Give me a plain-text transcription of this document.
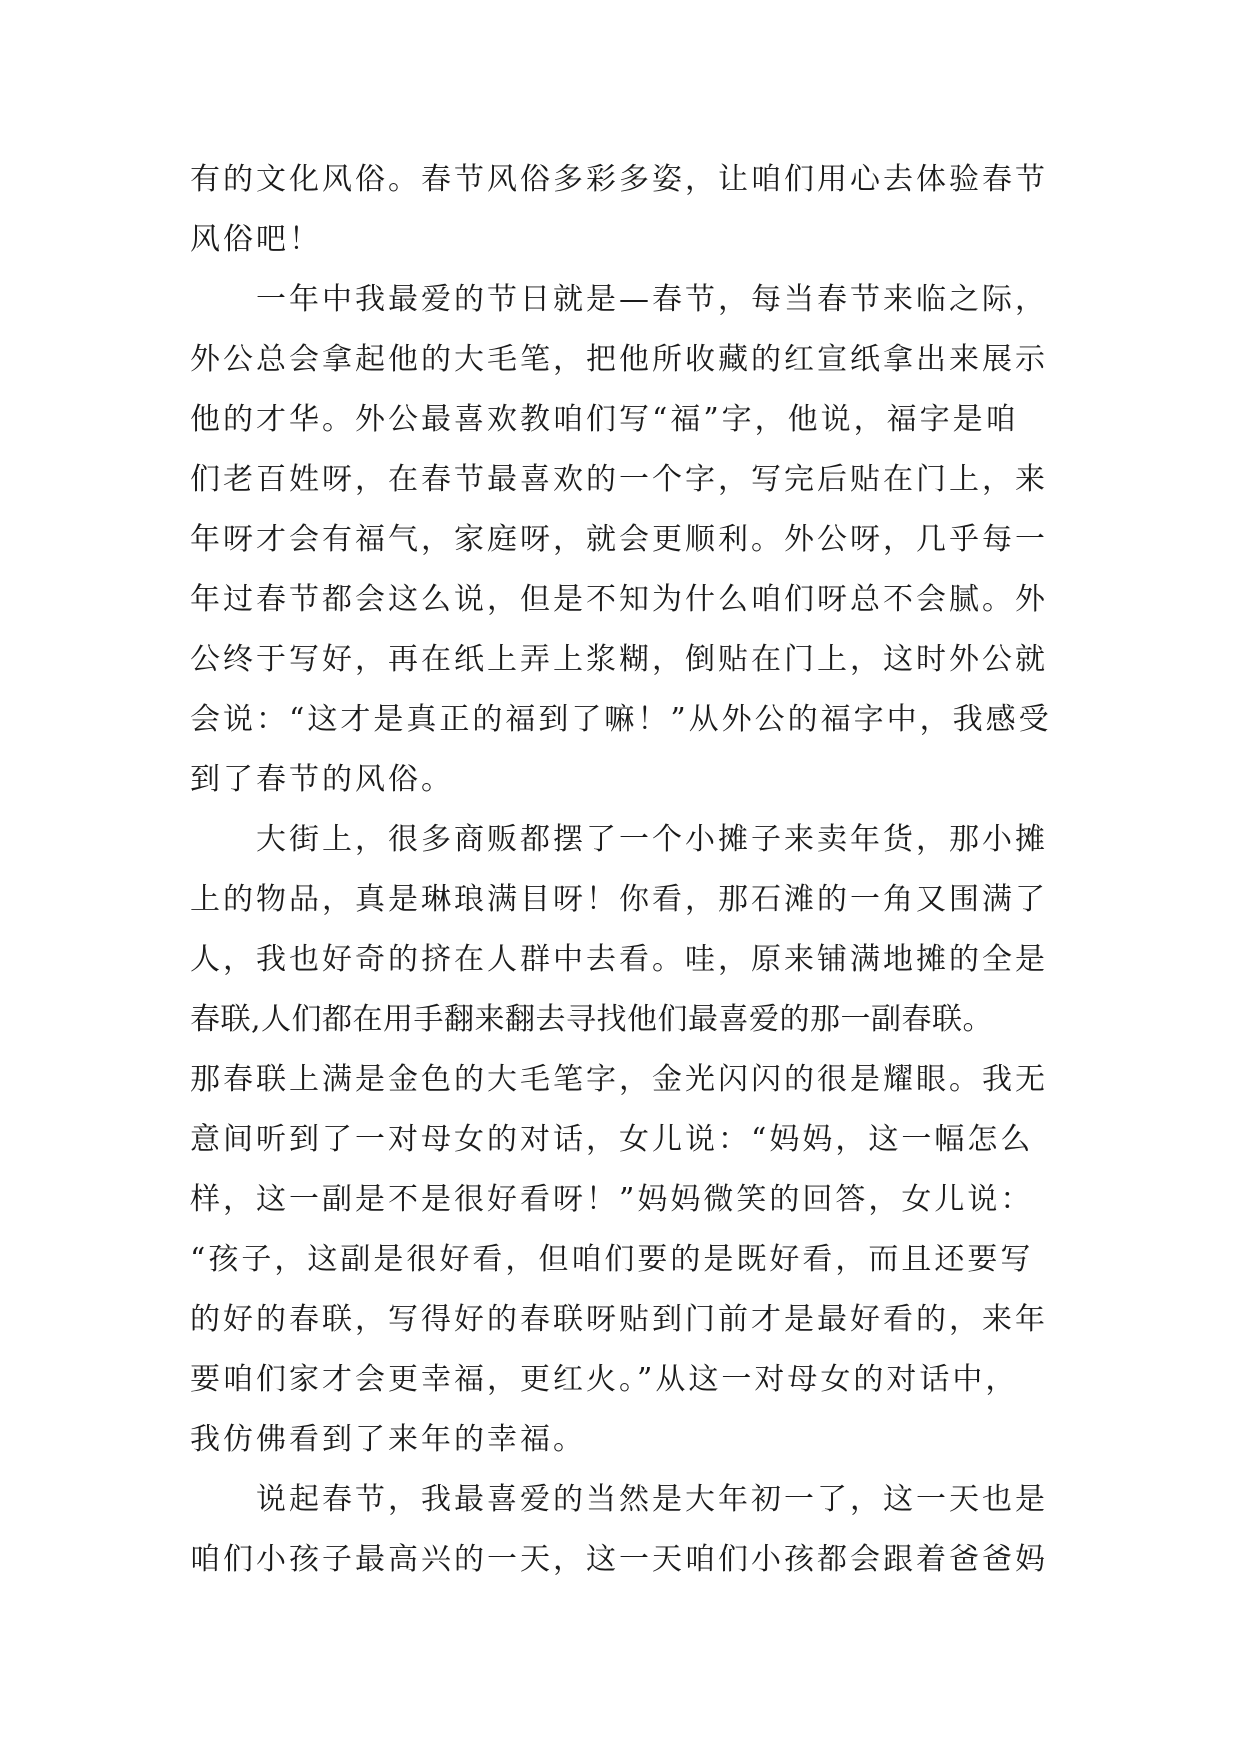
有的文化风俗。春节风俗多彩多姿，让咱们用心去体验春节
风俗吧！
一年中我最爱的节日就是—春节，每当春节来临之际，
外公总会拿起他的大毛笔，把他所收藏的红宣纸拿出来展示
他的才华。外公最喜欢教咱们写“福”字，他说，福字是咱
们老百姓呀，在春节最喜欢的一个字，写完后贴在门上，来
年呀才会有福气，家庭呀，就会更顺利。外公呀，几乎每一
年过春节都会这么说，但是不知为什么咱们呀总不会腻。外
公终于写好，再在纸上弄上浆糊，倒贴在门上，这时外公就
会说：“这才是真正的福到了嘛！”从外公的福字中，我感受
到了春节的风俗。
大街上，很多商贩都摆了一个小摊子来卖年货，那小摊
上的物品，真是琳琅满目呀！你看，那石滩的一角又围满了
人，我也好奇的挤在人群中去看。哇，原来铺满地摊的全是
春联,人们都在用手翻来翻去寻找他们最喜爱的那一副春联。
那春联上满是金色的大毛笔字，金光闪闪的很是耀眼。我无
意间听到了一对母女的对话，女儿说：“妈妈，这一幅怎么
样，这一副是不是很好看呀！”妈妈微笑的回答，女儿说：
“孩子，这副是很好看，但咱们要的是既好看，而且还要写
的好的春联，写得好的春联呀贴到门前才是最好看的，来年
要咱们家才会更幸福，更红火。”从这一对母女的对话中，
我仿佛看到了来年的幸福。
说起春节，我最喜爱的当然是大年初一了，这一天也是
咱们小孩子最高兴的一天，这一天咱们小孩都会跟着爸爸妈
